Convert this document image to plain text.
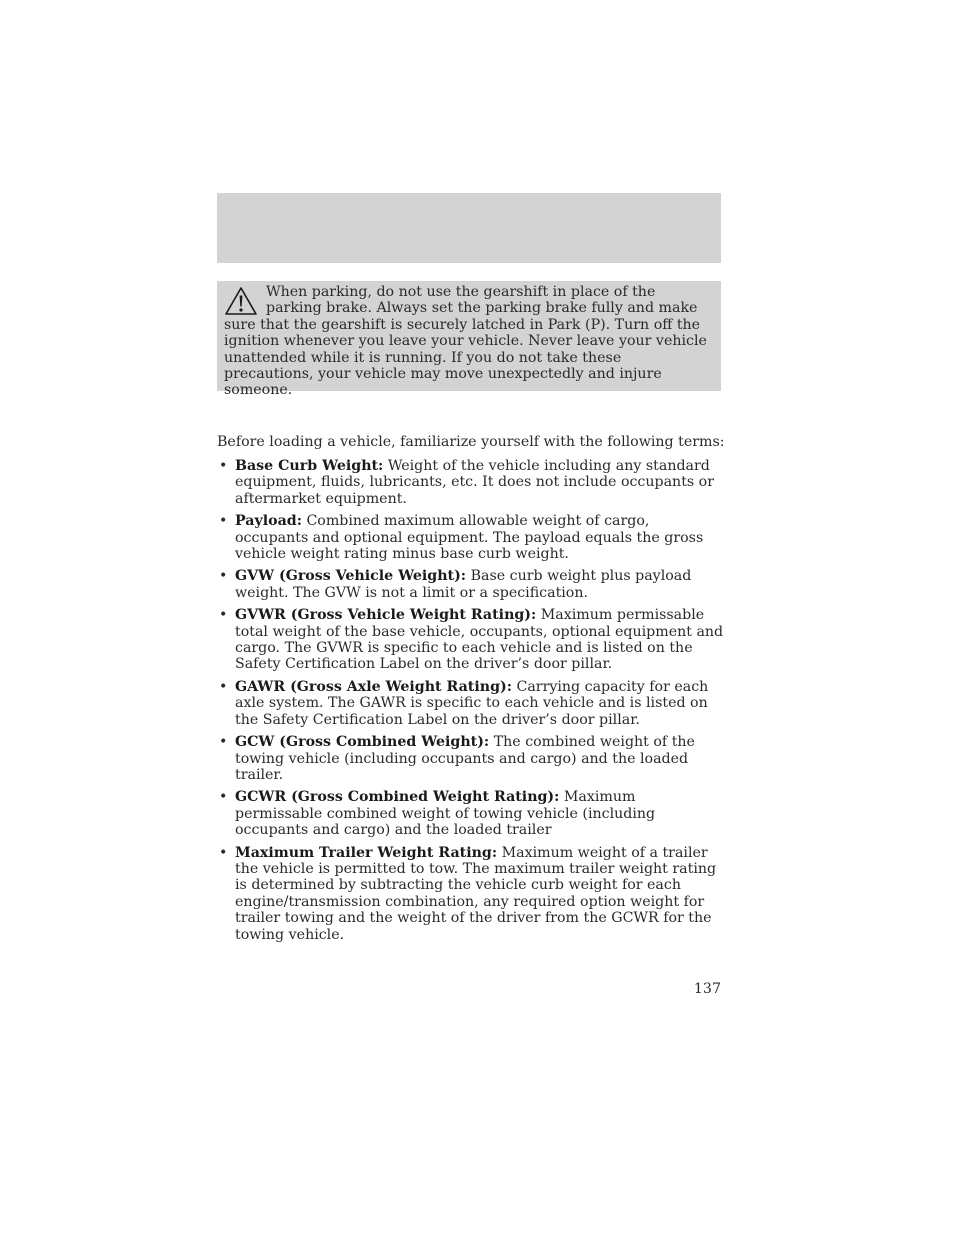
When parking, do not use the gearshift in place of the parking brake. Always set the parking brake fully and make sure that the gearshift is securely latched in Park (P). Turn off the ignition whenever you leave your vehicle. Never leave your vehicle unattended while it is running. If you do not take these precautions, your vehicle may move unexpectedly and injure someone.

Before loading a vehicle, familiarize yourself with the following terms:

• Base Curb Weight: Weight of the vehicle including any standard equipment, fluids, lubricants, etc. It does not include occupants or aftermarket equipment.
• Payload: Combined maximum allowable weight of cargo, occupants and optional equipment. The payload equals the gross vehicle weight rating minus base curb weight.
• GVW (Gross Vehicle Weight): Base curb weight plus payload weight. The GVW is not a limit or a specification.
• GVWR (Gross Vehicle Weight Rating): Maximum permissable total weight of the base vehicle, occupants, optional equipment and cargo. The GVWR is specific to each vehicle and is listed on the Safety Certification Label on the driver’s door pillar.
• GAWR (Gross Axle Weight Rating): Carrying capacity for each axle system. The GAWR is specific to each vehicle and is listed on the Safety Certification Label on the driver’s door pillar.
• GCW (Gross Combined Weight): The combined weight of the towing vehicle (including occupants and cargo) and the loaded trailer.
• GCWR (Gross Combined Weight Rating): Maximum permissable combined weight of towing vehicle (including occupants and cargo) and the loaded trailer
• Maximum Trailer Weight Rating: Maximum weight of a trailer the vehicle is permitted to tow. The maximum trailer weight rating is determined by subtracting the vehicle curb weight for each engine/transmission combination, any required option weight for trailer towing and the weight of the driver from the GCWR for the towing vehicle.
137
